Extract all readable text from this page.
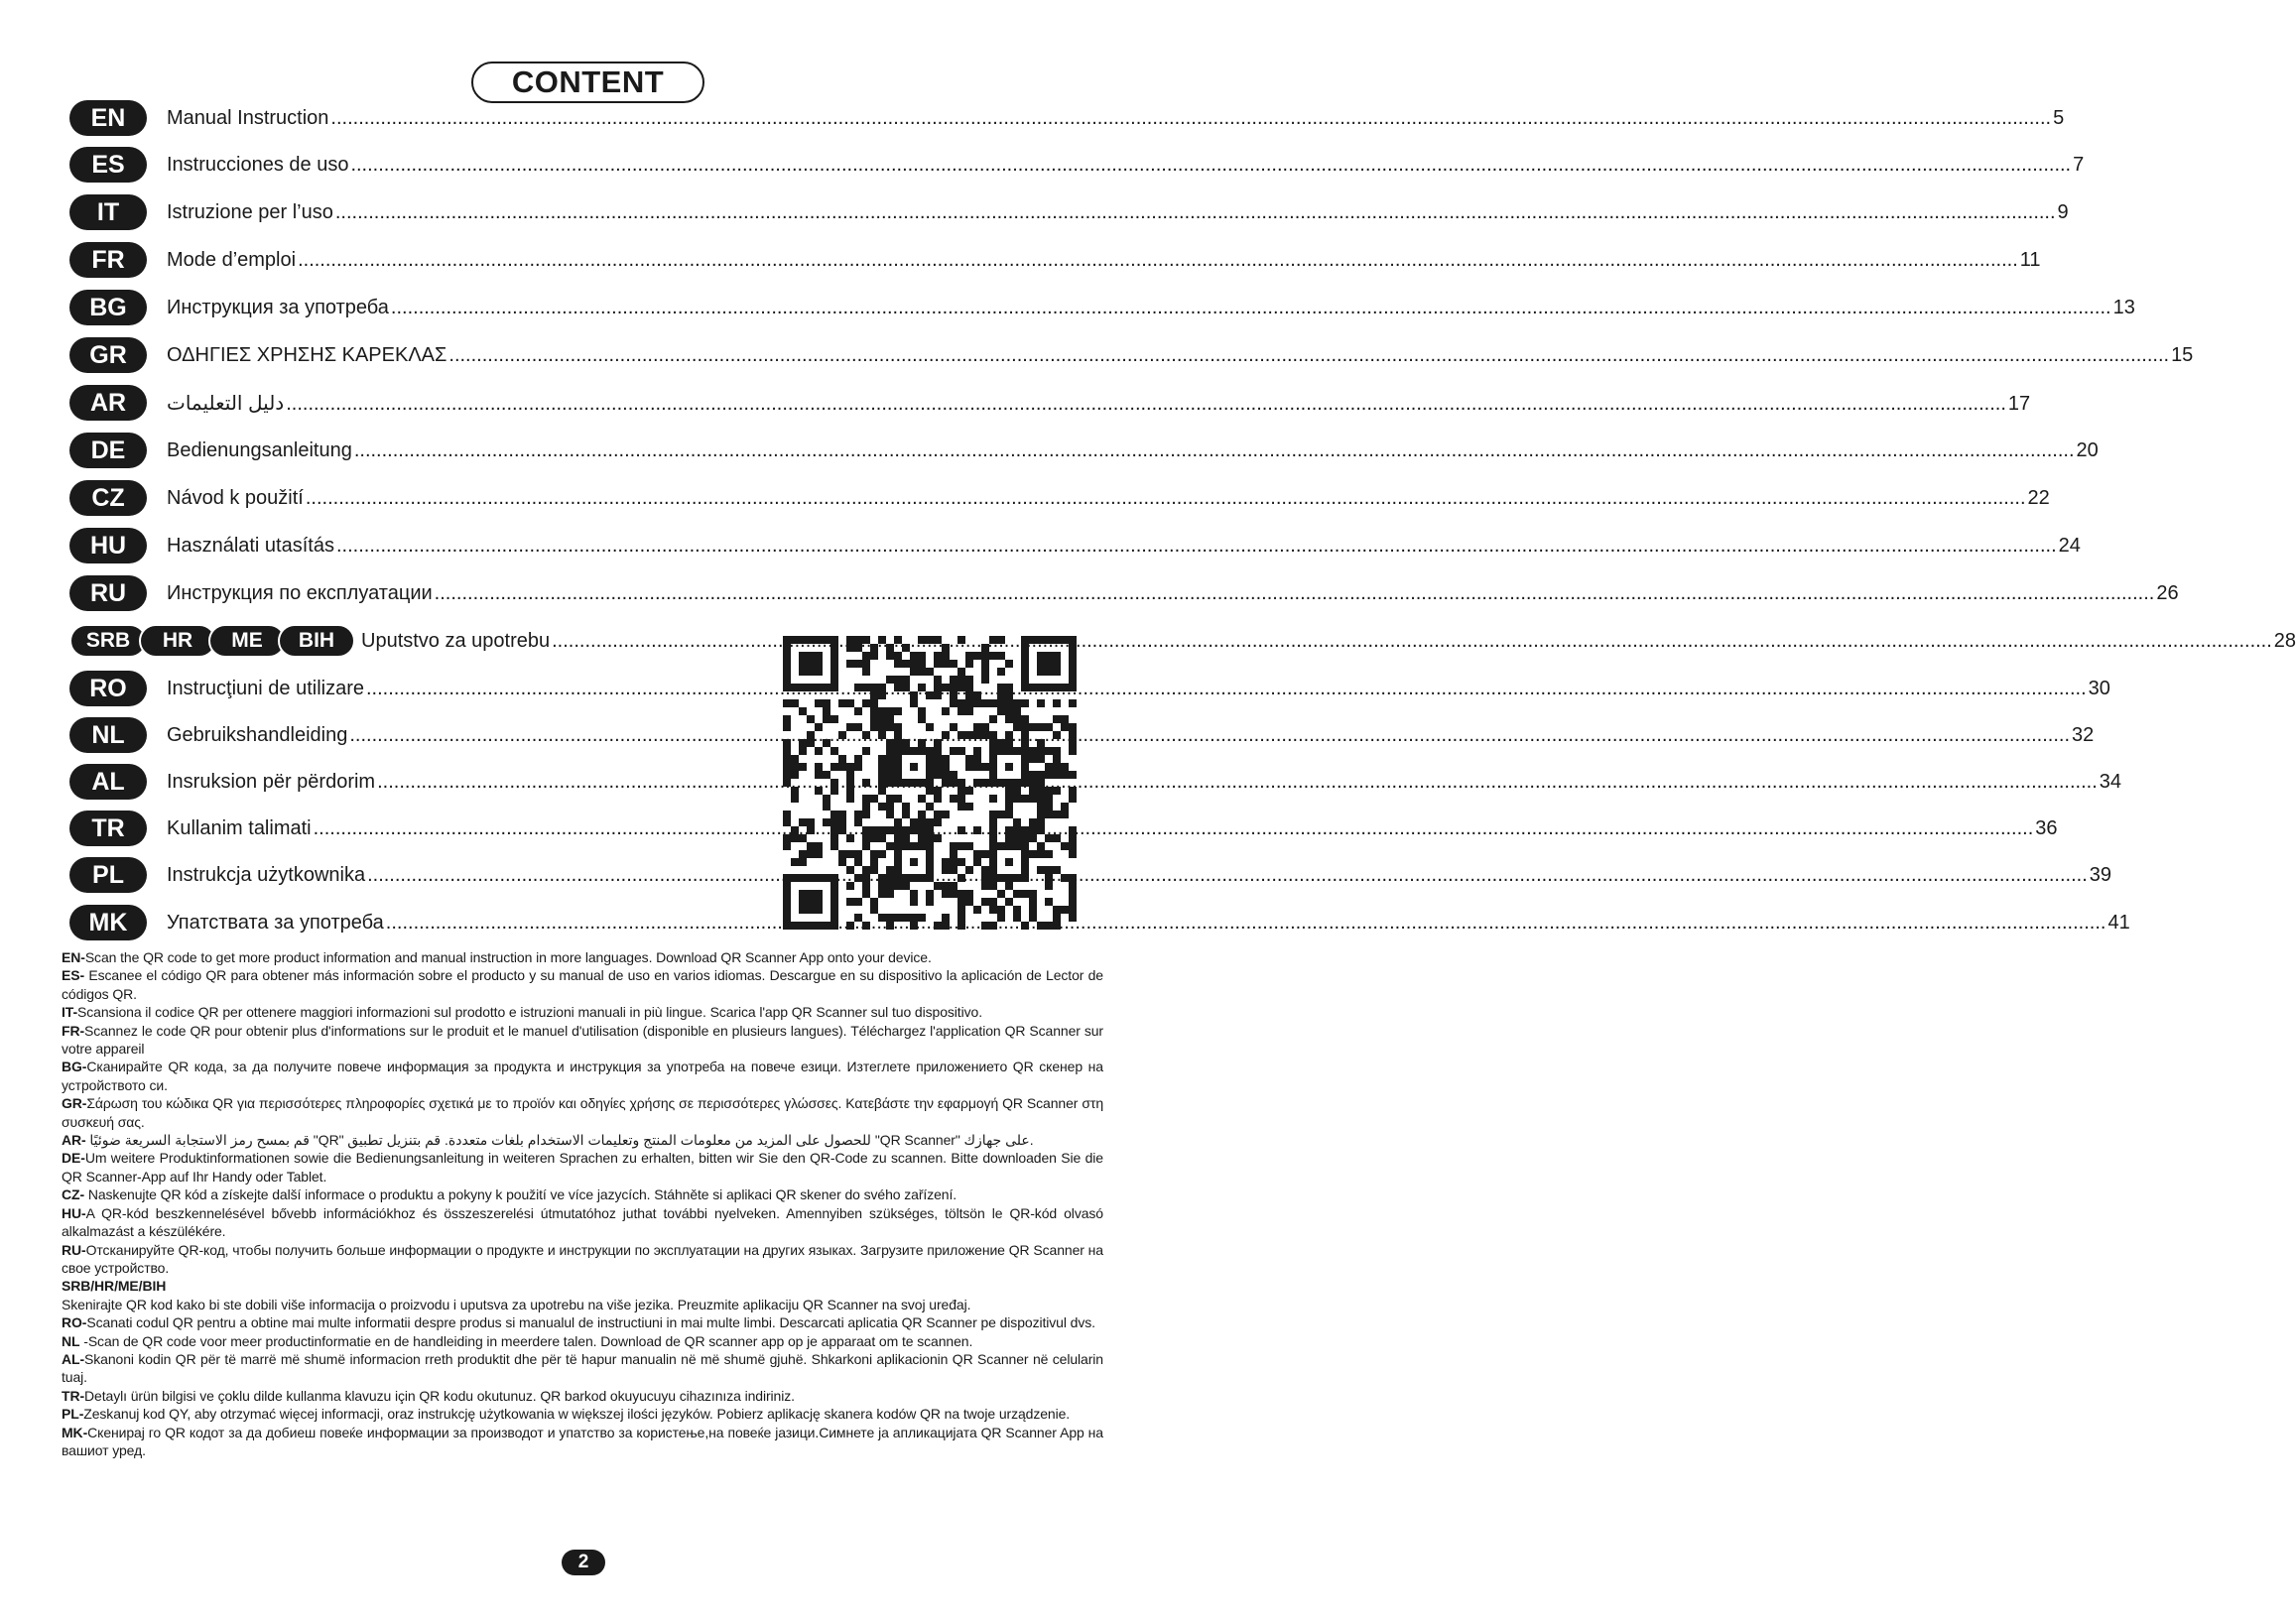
CONTENT
EN	Manual Instruction .....	5
ES	Instrucciones de uso .....	7
IT	Istruzione per l’uso .....	9
FR	Mode d’emploi .....	11
BG	Инструкция за употреба .....	13
GR	ΟΔΗΓΙΕΣ ΧΡΗΣΗΣ ΚΑΡΕΚΛΑΣ .....	15
AR	دليل التعليمات .....	17
DE	Bedienungsanleitung .....	20
CZ	Návod k použití .....	22
HU	Használati utasítás .....	24
RU	Инструкция по експлуатации .....	26
SRB	HR	ME	BIH	Uputstvo za upotrebu .....	28
RO	Instrucţiuni de utilizare .....	30
NL	Gebruikshandleiding .....	32
AL	Insruksion për përdorim .....	34
TR	Kullanim talimati .....	36
PL	Instrukcja użytkownika .....	39
MK	Упатствата за употреба .....	41

EN-Scan the QR code to get more product information and manual instruction in more languages. Download QR Scanner App onto your device.

ES- Escanee el código QR para obtener más información sobre el producto y su manual de uso en varios idiomas. Descargue en su dispositivo la aplicación de Lector de códigos QR.

IT-Scansiona il codice QR per ottenere maggiori informazioni sul prodotto e istruzioni manuali in più lingue. Scarica l'app QR Scanner sul tuo dispositivo.

FR-Scannez le code QR pour obtenir plus d'informations sur le produit et le manuel d'utilisation (disponible en plusieurs langues). Téléchargez l'application QR Scanner sur votre appareil

BG-Сканирайте QR кода, за да получите повече информация за продукта и инструкция за употреба на повече езици. Изтеглете приложението QR скенер на устройството си.

GR-Σάρωση του κώδικα QR για περισσότερες πληροφορίες σχετικά με το προϊόν και οδηγίες χρήσης σε περισσότερες γλώσσες. Κατεβάστε την εφαρμογή QR Scanner στη συσκευή σας.

AR- قم بمسح رمز الاستجابة السريعة ضوئيًا "QR" للحصول على المزيد من معلومات المنتج وتعليمات الاستخدام بلغات متعددة. قم بتنزيل تطبيق "QR Scanner" على جهازك.

DE-Um weitere Produktinformationen sowie die Bedienungsanleitung in weiteren Sprachen zu erhalten, bitten wir Sie den QR-Code zu scannen. Bitte downloaden Sie die QR Scanner-App auf Ihr Handy oder Tablet.

CZ- Naskenujte QR kód a získejte další informace o produktu a pokyny k použití ve více jazycích. Stáhněte si aplikaci QR skener do svého zařízení.

HU-A QR-kód beszkennelésével bővebb információkhoz és összeszerelési útmutatóhoz juthat további nyelveken. Amennyiben szükséges, töltsön le QR-kód olvasó alkalmazást a készülékére.

RU-Отсканируйте QR-код, чтобы получить больше информации о продукте и инструкции по эксплуатации на других языках. Загрузите приложение QR Scanner на свое устройство.

SRB/HR/ME/BIH

Skenirajte QR kod kako bi ste dobili više informacija o proizvodu i uputsva za upotrebu na više jezika. Preuzmite aplikaciju QR Scanner na svoj uređaj.

RO-Scanati codul QR pentru a obtine mai multe informatii despre produs si manualul de instructiuni in mai multe limbi. Descarcati aplicatia QR Scanner pe dispozitivul dvs.

NL -Scan de QR code voor meer productinformatie en de handleiding in meerdere talen. Download de QR scanner app op je apparaat om te scannen.

AL-Skanoni kodin QR për të marrë më shumë informacion rreth produktit dhe për të hapur manualin në më shumë gjuhë. Shkarkoni aplikacionin QR Scanner në celularin tuaj.

TR-Detaylı ürün bilgisi ve çoklu dilde kullanma klavuzu için QR kodu okutunuz. QR barkod okuyucuyu cihazınıza indiriniz.

PL-Zeskanuj kod QY, aby otrzymać więcej informacji, oraz instrukcję użytkowania w większej ilości języków. Pobierz aplikację skanera kodów QR na twoje urządzenie.

MK-Скенирај го QR кодот за да добиеш повеќе информации за производот и упатство за користење,на повеќе јазици.Симнете ја апликацијата QR Scanner App на вашиот уред.

2
